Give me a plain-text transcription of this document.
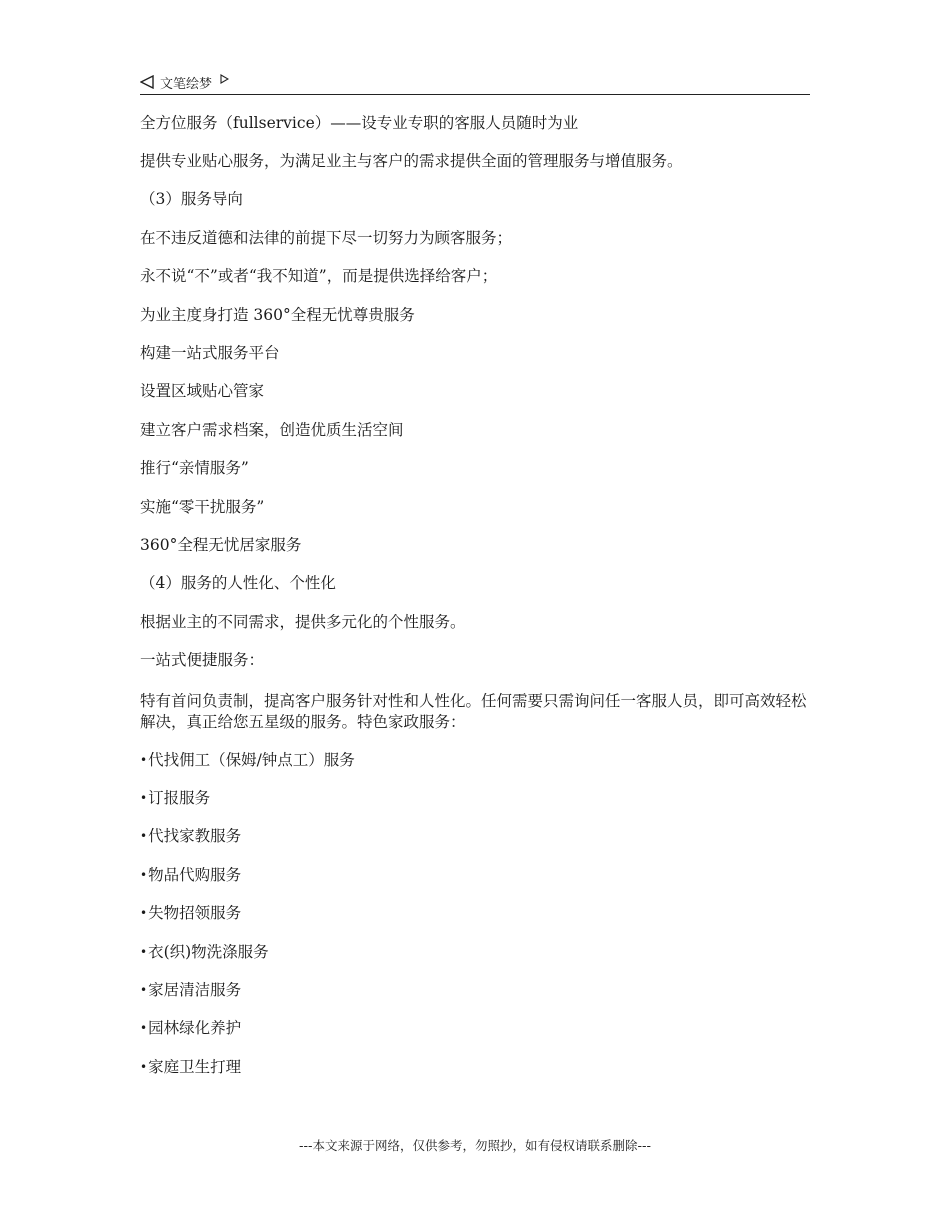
文笔绘梦

全方位服务（fullservice）——设专业专职的客服人员随时为业

提供专业贴心服务，为满足业主与客户的需求提供全面的管理服务与增值服务。

（3）服务导向

在不违反道德和法律的前提下尽一切努力为顾客服务；

永不说“不”或者“我不知道”，而是提供选择给客户；

为业主度身打造 360°全程无忧尊贵服务

构建一站式服务平台

设置区域贴心管家

建立客户需求档案，创造优质生活空间

推行“亲情服务”

实施“零干扰服务”

360°全程无忧居家服务

（4）服务的人性化、个性化

根据业主的不同需求，提供多元化的个性服务。

一站式便捷服务：

特有首问负责制，提高客户服务针对性和人性化。任何需要只需询问任一客服人员，即可高效轻松解决，真正给您五星级的服务。特色家政服务：

• 代找佣工（保姆/钟点工）服务

• 订报服务

• 代找家教服务

• 物品代购服务

• 失物招领服务

• 衣(织)物洗涤服务

• 家居清洁服务

• 园林绿化养护

• 家庭卫生打理

---本文来源于网络，仅供参考，勿照抄，如有侵权请联系删除---
